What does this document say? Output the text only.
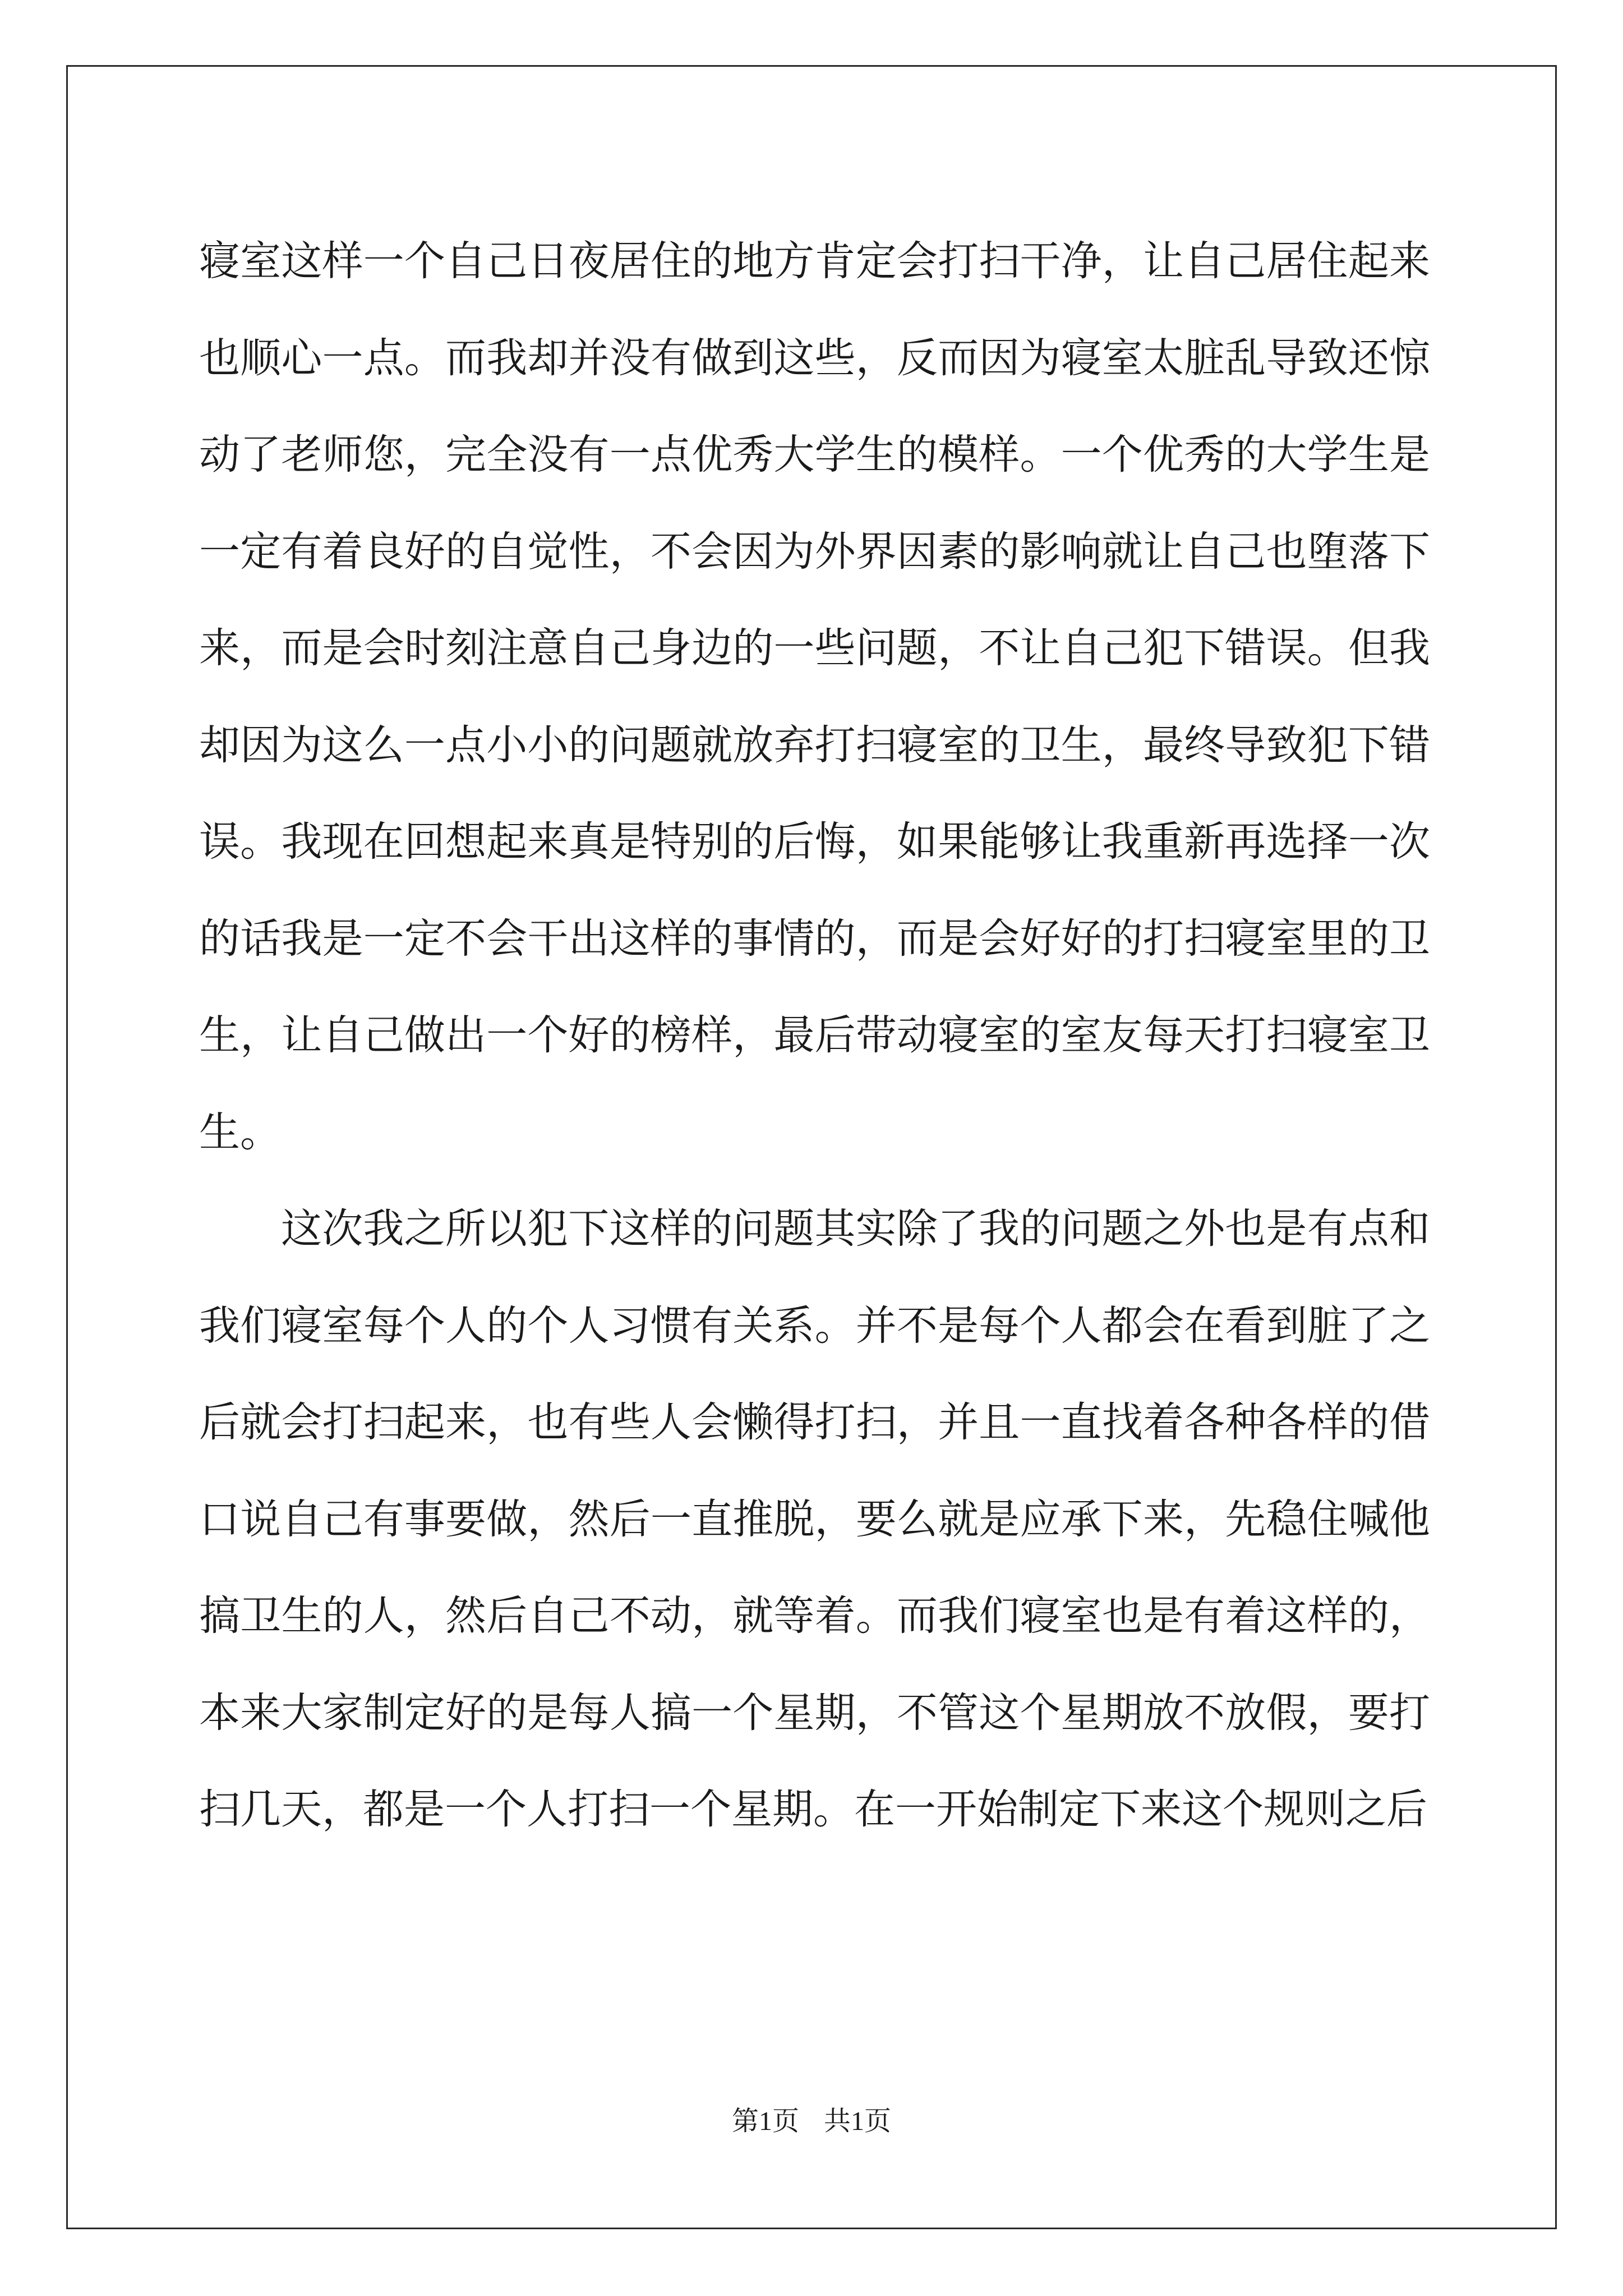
寝室这样一个自己日夜居住的地方肯定会打扫干净，让自己居住起来也顺心一点。而我却并没有做到这些，反而因为寝室太脏乱导致还惊动了老师您，完全没有一点优秀大学生的模样。一个优秀的大学生是一定有着良好的自觉性，不会因为外界因素的影响就让自己也堕落下来，而是会时刻注意自己身边的一些问题，不让自己犯下错误。但我却因为这么一点小小的问题就放弃打扫寝室的卫生，最终导致犯下错误。我现在回想起来真是特别的后悔，如果能够让我重新再选择一次的话我是一定不会干出这样的事情的，而是会好好的打扫寝室里的卫生，让自己做出一个好的榜样，最后带动寝室的室友每天打扫寝室卫生。

这次我之所以犯下这样的问题其实除了我的问题之外也是有点和我们寝室每个人的个人习惯有关系。并不是每个人都会在看到脏了之后就会打扫起来，也有些人会懒得打扫，并且一直找着各种各样的借口说自己有事要做，然后一直推脱，要么就是应承下来，先稳住喊他搞卫生的人，然后自己不动，就等着。而我们寝室也是有着这样的，本来大家制定好的是每人搞一个星期，不管这个星期放不放假，要打扫几天，都是一个人打扫一个星期。在一开始制定下来这个规则之后

第1页 共1页
